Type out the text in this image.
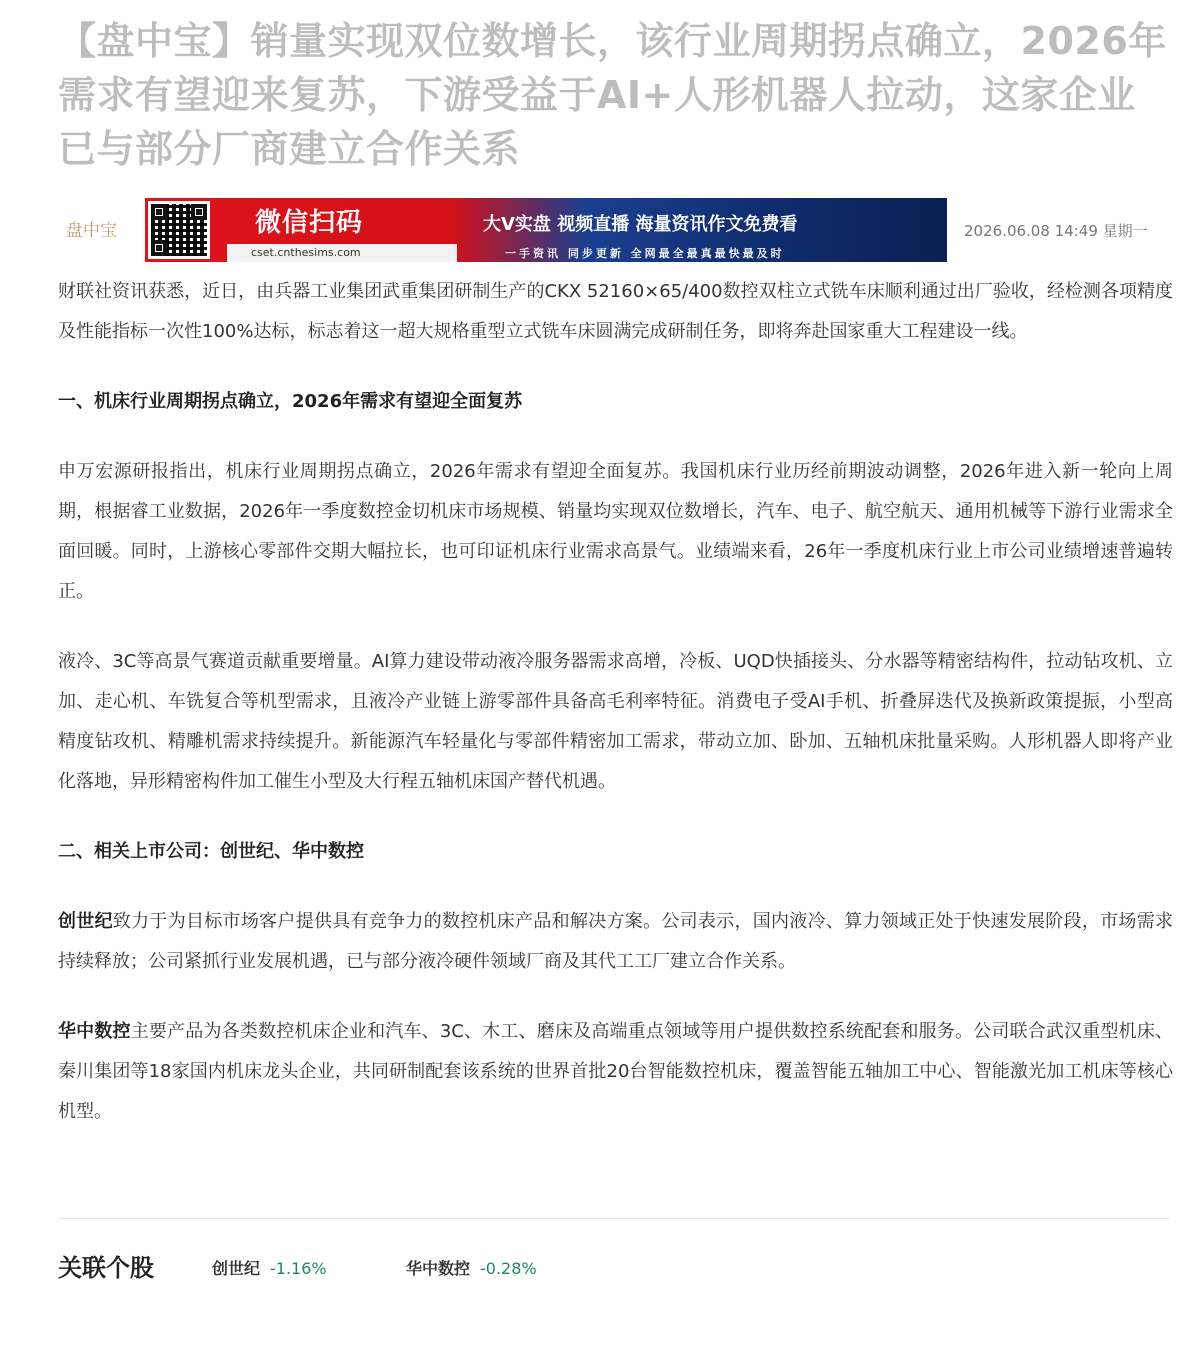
【盘中宝】销量实现双位数增长，该行业周期拐点确立，2026年需求有望迎来复苏，下游受益于AI+人形机器人拉动，这家企业已与部分厂商建立合作关系
盘中宝	微信扫码
cset.cnthesims.com
大V实盘 视频直播 海量资讯作文免费看
一手资讯 同步更新 全网最全最真最快最及时
2026.06.08 14:49 星期一

财联社资讯获悉，近日，由兵器工业集团武重集团研制生产的CKX 52160×65/400数控双柱立式铣车床顺利通过出厂验收，经检测各项精度及性能指标一次性100%达标，标志着这一超大规格重型立式铣车床圆满完成研制任务，即将奔赴国家重大工程建设一线。

一、机床行业周期拐点确立，2026年需求有望迎全面复苏

申万宏源研报指出，机床行业周期拐点确立，2026年需求有望迎全面复苏。我国机床行业历经前期波动调整，2026年进入新一轮向上周期，根据睿工业数据，2026年一季度数控金切机床市场规模、销量均实现双位数增长，汽车、电子、航空航天、通用机械等下游行业需求全面回暖。同时，上游核心零部件交期大幅拉长，也可印证机床行业需求高景气。业绩端来看，26年一季度机床行业上市公司业绩增速普遍转正。

液冷、3C等高景气赛道贡献重要增量。AI算力建设带动液冷服务器需求高增，冷板、UQD快插接头、分水器等精密结构件，拉动钻攻机、立加、走心机、车铣复合等机型需求，且液冷产业链上游零部件具备高毛利率特征。消费电子受AI手机、折叠屏迭代及换新政策提振，小型高精度钻攻机、精雕机需求持续提升。新能源汽车轻量化与零部件精密加工需求，带动立加、卧加、五轴机床批量采购。人形机器人即将产业化落地，异形精密构件加工催生小型及大行程五轴机床国产替代机遇。

二、相关上市公司：创世纪、华中数控

创世纪致力于为目标市场客户提供具有竞争力的数控机床产品和解决方案。公司表示，国内液冷、算力领域正处于快速发展阶段，市场需求持续释放；公司紧抓行业发展机遇，已与部分液冷硬件领域厂商及其代工工厂建立合作关系。

华中数控主要产品为各类数控机床企业和汽车、3C、木工、磨床及高端重点领域等用户提供数控系统配套和服务。公司联合武汉重型机床、秦川集团等18家国内机床龙头企业，共同研制配套该系统的世界首批20台智能数控机床，覆盖智能五轴加工中心、智能激光加工机床等核心机型。

关联个股	创世纪 -1.16%	华中数控 -0.28%
